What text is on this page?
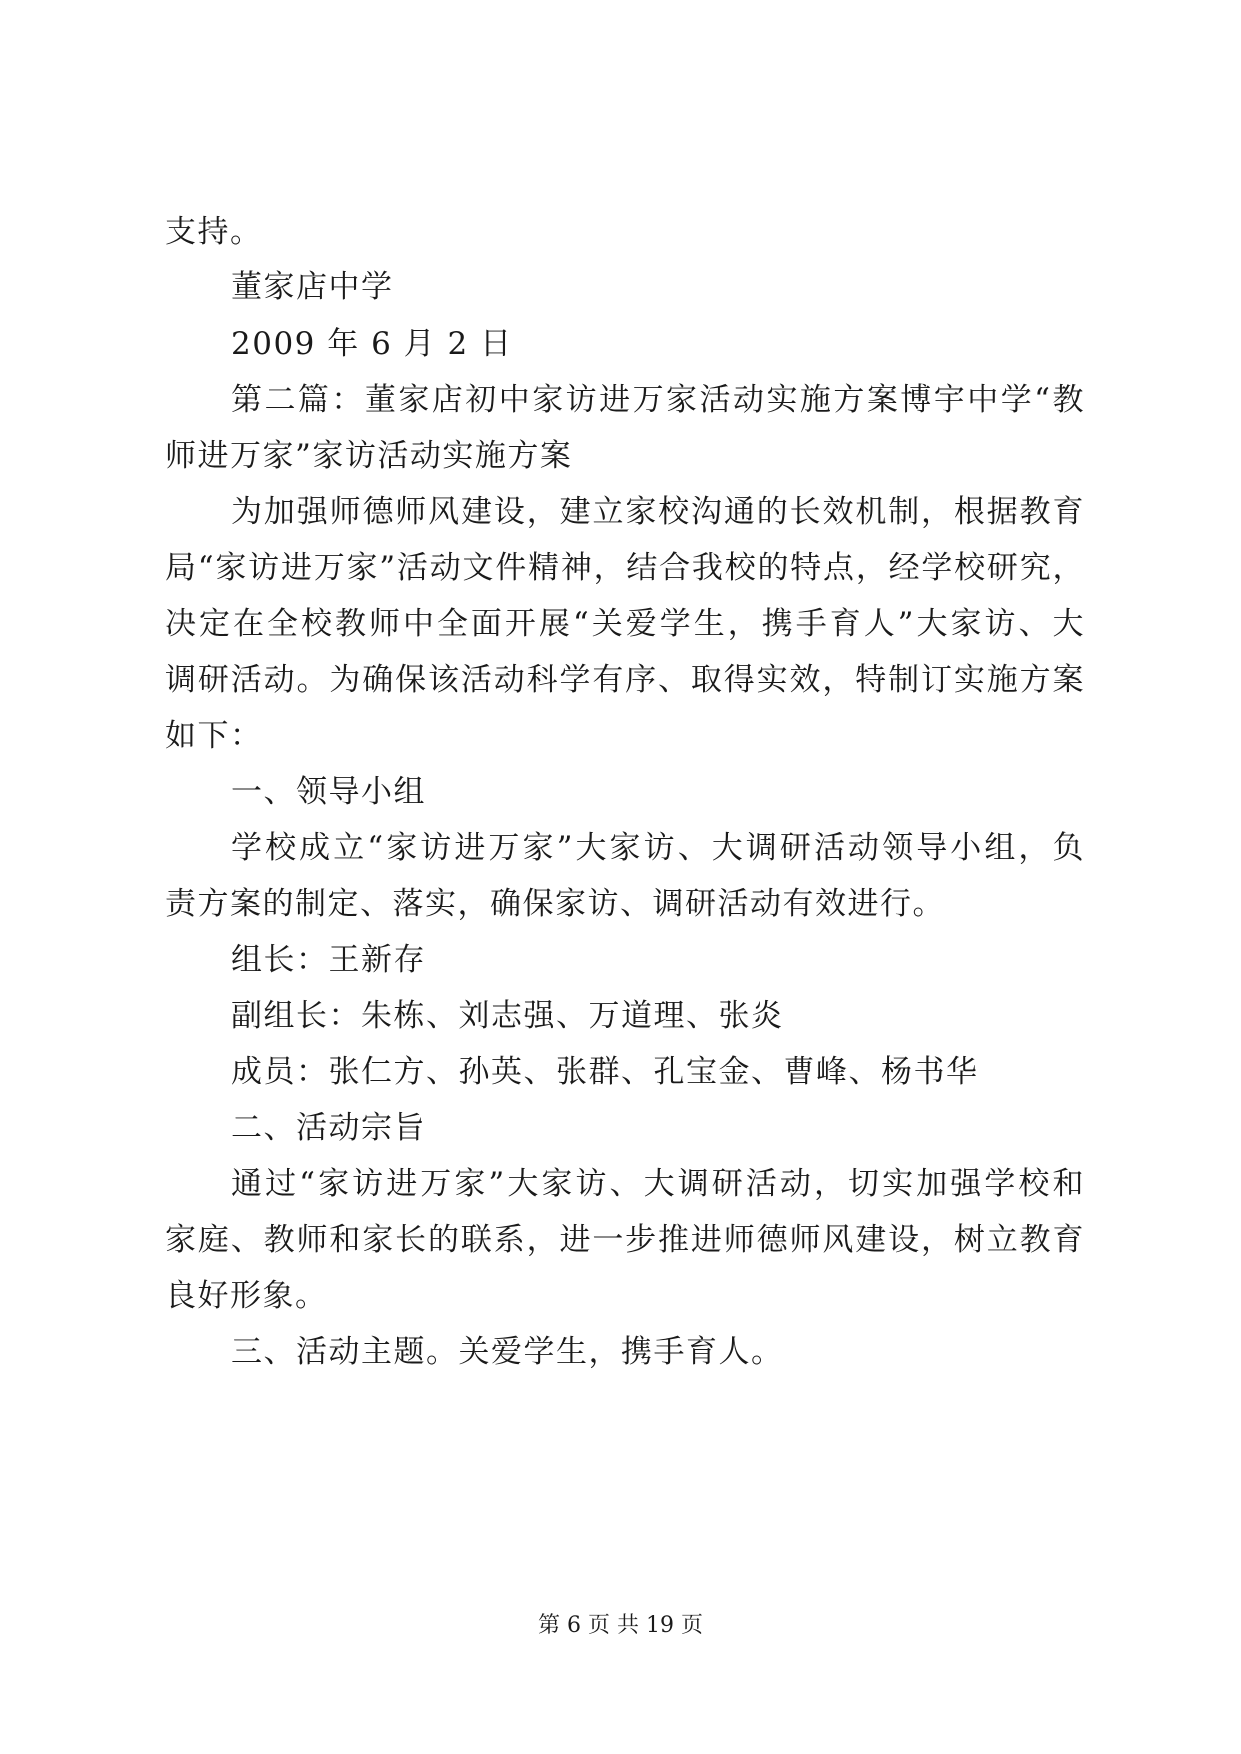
支持。
董家店中学
2009 年 6 月 2 日
第二篇：董家店初中家访进万家活动实施方案博宇中学“教
师进万家”家访活动实施方案
为加强师德师风建设，建立家校沟通的长效机制，根据教育
局“家访进万家”活动文件精神，结合我校的特点，经学校研究，
决定在全校教师中全面开展“关爱学生，携手育人”大家访、大
调研活动。为确保该活动科学有序、取得实效，特制订实施方案
如下：
一、领导小组
学校成立“家访进万家”大家访、大调研活动领导小组，负
责方案的制定、落实，确保家访、调研活动有效进行。
组长：王新存
副组长：朱栋、刘志强、万道理、张炎
成员：张仁方、孙英、张群、孔宝金、曹峰、杨书华
二、活动宗旨
通过“家访进万家”大家访、大调研活动，切实加强学校和
家庭、教师和家长的联系，进一步推进师德师风建设，树立教育
良好形象。
三、活动主题。关爱学生，携手育人。
第 6 页 共 19 页
